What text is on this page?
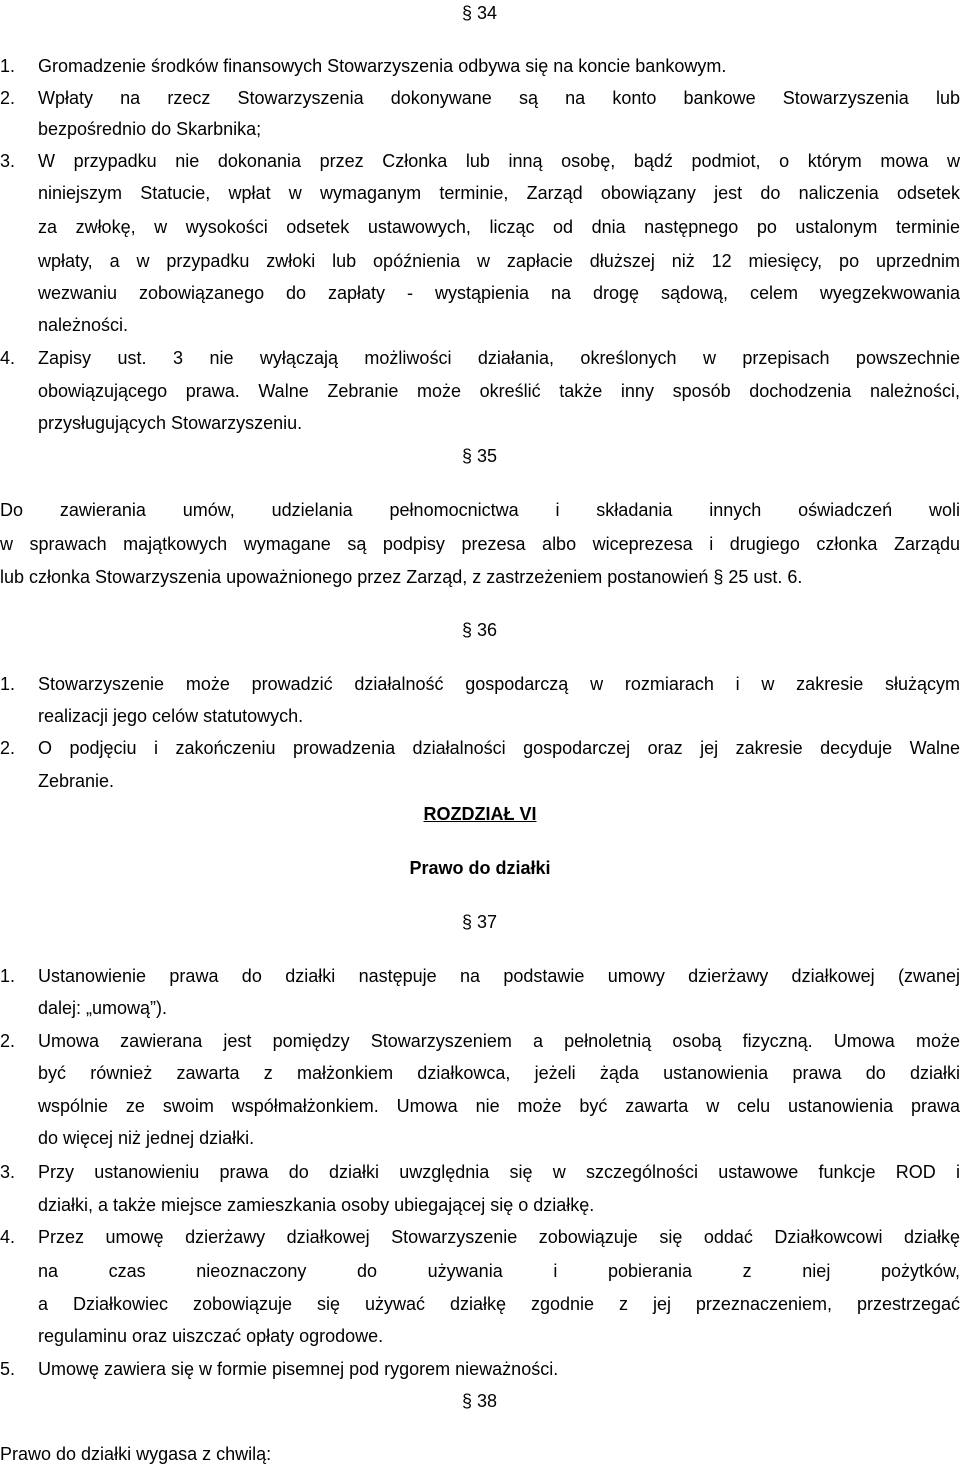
§ 34
1. Gromadzenie środków finansowych Stowarzyszenia odbywa się na koncie bankowym.
2. Wpłaty na rzecz Stowarzyszenia dokonywane są na konto bankowe Stowarzyszenia lub
bezpośrednio do Skarbnika;
3. W przypadku nie dokonania przez Członka lub inną osobę, bądź podmiot, o którym mowa w
niniejszym Statucie, wpłat w wymaganym terminie, Zarząd obowiązany jest do naliczenia odsetek
za zwłokę, w wysokości odsetek ustawowych, licząc od dnia następnego po ustalonym terminie
wpłaty, a w przypadku zwłoki lub opóźnienia w zapłacie dłuższej niż 12 miesięcy, po uprzednim
wezwaniu zobowiązanego do zapłaty - wystąpienia na drogę sądową, celem wyegzekwowania
należności.
4. Zapisy ust. 3 nie wyłączają możliwości działania, określonych w przepisach powszechnie
obowiązującego prawa. Walne Zebranie może określić także inny sposób dochodzenia należności,
przysługujących Stowarzyszeniu.
§ 35
Do zawierania umów, udzielania pełnomocnictwa i składania innych oświadczeń woli
w sprawach majątkowych wymagane są podpisy prezesa albo wiceprezesa i drugiego członka Zarządu
lub członka Stowarzyszenia upoważnionego przez Zarząd, z zastrzeżeniem postanowień § 25 ust. 6.
§ 36
1. Stowarzyszenie może prowadzić działalność gospodarczą w rozmiarach i w zakresie służącym
realizacji jego celów statutowych.
2. O podjęciu i zakończeniu prowadzenia działalności gospodarczej oraz jej zakresie decyduje Walne
Zebranie.
ROZDZIAŁ VI
Prawo do działki
§ 37
1. Ustanowienie prawa do działki następuje na podstawie umowy dzierżawy działkowej (zwanej
dalej: „umową”).
2. Umowa zawierana jest pomiędzy Stowarzyszeniem a pełnoletnią osobą fizyczną. Umowa może
być również zawarta z małżonkiem działkowca, jeżeli żąda ustanowienia prawa do działki
wspólnie ze swoim współmałżonkiem. Umowa nie może być zawarta w celu ustanowienia prawa
do więcej niż jednej działki.
3. Przy ustanowieniu prawa do działki uwzględnia się w szczególności ustawowe funkcje ROD i
działki, a także miejsce zamieszkania osoby ubiegającej się o działkę.
4. Przez umowę dzierżawy działkowej Stowarzyszenie zobowiązuje się oddać Działkowcowi działkę
na czas nieoznaczony do używania i pobierania z niej pożytków,
a Działkowiec zobowiązuje się używać działkę zgodnie z jej przeznaczeniem, przestrzegać
regulaminu oraz uiszczać opłaty ogrodowe.
5. Umowę zawiera się w formie pisemnej pod rygorem nieważności.
§ 38
Prawo do działki wygasa z chwilą:
